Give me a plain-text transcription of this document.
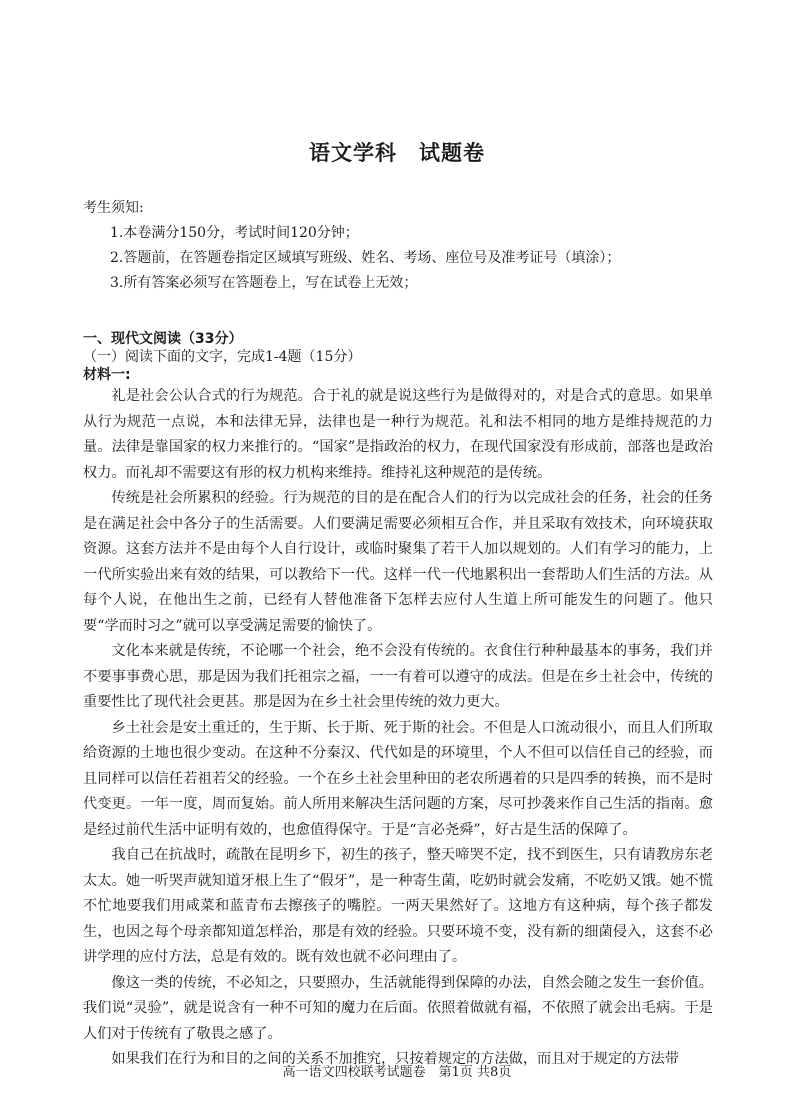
语文学科　试题卷
考生须知:
1.本卷满分150分，考试时间120分钟；
2.答题前，在答题卷指定区域填写班级、姓名、考场、座位号及准考证号（填涂）；
3.所有答案必须写在答题卷上，写在试卷上无效；
一、现代文阅读（33分）
（一）阅读下面的文字，完成1-4题（15分）
材料一:

礼是社会公认合式的行为规范。合于礼的就是说这些行为是做得对的，对是合式的意思。如果单从行为规范一点说，本和法律无异，法律也是一种行为规范。礼和法不相同的地方是维持规范的力量。法律是靠国家的权力来推行的。“国家”是指政治的权力，在现代国家没有形成前，部落也是政治权力。而礼却不需要这有形的权力机构来维持。维持礼这种规范的是传统。

传统是社会所累积的经验。行为规范的目的是在配合人们的行为以完成社会的任务，社会的任务是在满足社会中各分子的生活需要。人们要满足需要必须相互合作，并且采取有效技术，向环境获取资源。这套方法并不是由每个人自行设计，或临时聚集了若干人加以规划的。人们有学习的能力，上一代所实验出来有效的结果，可以教给下一代。这样一代一代地累积出一套帮助人们生活的方法。从每个人说，在他出生之前，已经有人替他准备下怎样去应付人生道上所可能发生的问题了。他只要“学而时习之”就可以享受满足需要的愉快了。

文化本来就是传统，不论哪一个社会，绝不会没有传统的。衣食住行种种最基本的事务，我们并不要事事费心思，那是因为我们托祖宗之福，一一有着可以遵守的成法。但是在乡土社会中，传统的重要性比了现代社会更甚。那是因为在乡土社会里传统的效力更大。

乡土社会是安土重迁的，生于斯、长于斯、死于斯的社会。不但是人口流动很小，而且人们所取给资源的土地也很少变动。在这种不分秦汉、代代如是的环境里，个人不但可以信任自己的经验，而且同样可以信任若祖若父的经验。一个在乡土社会里种田的老农所遇着的只是四季的转换，而不是时代变更。一年一度，周而复始。前人所用来解决生活问题的方案，尽可抄袭来作自己生活的指南。愈是经过前代生活中证明有效的，也愈值得保守。于是“言必尧舜”，好古是生活的保障了。

我自己在抗战时，疏散在昆明乡下，初生的孩子，整天啼哭不定，找不到医生，只有请教房东老太太。她一听哭声就知道牙根上生了“假牙”，是一种寄生菌，吃奶时就会发痛，不吃奶又饿。她不慌不忙地要我们用咸菜和蓝青布去擦孩子的嘴腔。一两天果然好了。这地方有这种病，每个孩子都发生，也因之每个母亲都知道怎样治，那是有效的经验。只要环境不变，没有新的细菌侵入，这套不必讲学理的应付方法，总是有效的。既有效也就不必问理由了。

像这一类的传统，不必知之，只要照办，生活就能得到保障的办法，自然会随之发生一套价值。我们说“灵验”，就是说含有一种不可知的魔力在后面。依照着做就有福，不依照了就会出毛病。于是人们对于传统有了敬畏之感了。

如果我们在行为和目的之间的关系不加推究，只按着规定的方法做，而且对于规定的方法带

高一语文四校联考试题卷　第1页 共8页
